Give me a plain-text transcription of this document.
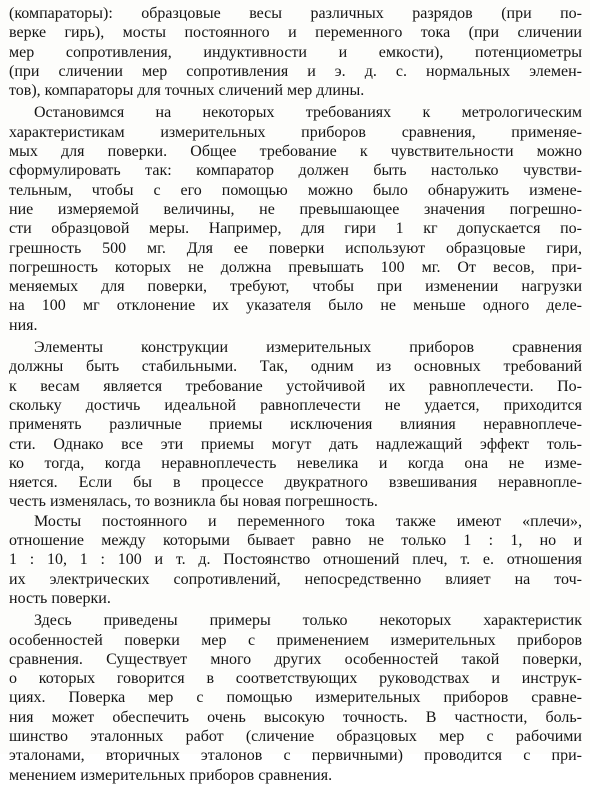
(компараторы): образцовые весы различных разрядов (при по-
верке гирь), мосты постоянного и переменного тока (при сличении
мер сопротивления, индуктивности и емкости), потенциометры
(при сличении мер сопротивления и э. д. с. нормальных элемен-
тов), компараторы для точных сличений мер длины.
Остановимся на некоторых требованиях к метрологическим
характеристикам измерительных приборов сравнения, применяе-
мых для поверки. Общее требование к чувствительности можно
сформулировать так: компаратор должен быть настолько чувстви-
тельным, чтобы с его помощью можно было обнаружить измене-
ние измеряемой величины, не превышающее значения погрешно-
сти образцовой меры. Например, для гири 1 кг допускается по-
грешность 500 мг. Для ее поверки используют образцовые гири,
погрешность которых не должна превышать 100 мг. От весов, при-
меняемых для поверки, требуют, чтобы при изменении нагрузки
на 100 мг отклонение их указателя было не меньше одного деле-
ния.
Элементы конструкции измерительных приборов сравнения
должны быть стабильными. Так, одним из основных требований
к весам является требование устойчивой их равноплечести. По-
скольку достичь идеальной равноплечести не удается, приходится
применять различные приемы исключения влияния неравноплече-
сти. Однако все эти приемы могут дать надлежащий эффект толь-
ко тогда, когда неравноплечесть невелика и когда она не изме-
няется. Если бы в процессе двукратного взвешивания неравноплe-
честь изменялась, то возникла бы новая погрешность.
Мосты постоянного и переменного тока также имеют «плечи»,
отношение между которыми бывает равно не только 1 : 1, но и
1 : 10, 1 : 100 и т. д. Постоянство отношений плеч, т. е. отношения
их электрических сопротивлений, непосредственно влияет на точ-
ность поверки.
Здесь приведены примеры только некоторых характеристик
особенностей поверки мер с применением измерительных приборов
сравнения. Существует много других особенностей такой поверки,
о которых говорится в соответствующих руководствах и инструк-
циях. Поверка мер с помощью измерительных приборов сравне-
ния может обеспечить очень высокую точность. В частности, боль-
шинство эталонных работ (сличение образцовых мер с рабочими
эталонами, вторичных эталонов с первичными) проводится с при-
менением измерительных приборов сравнения.
